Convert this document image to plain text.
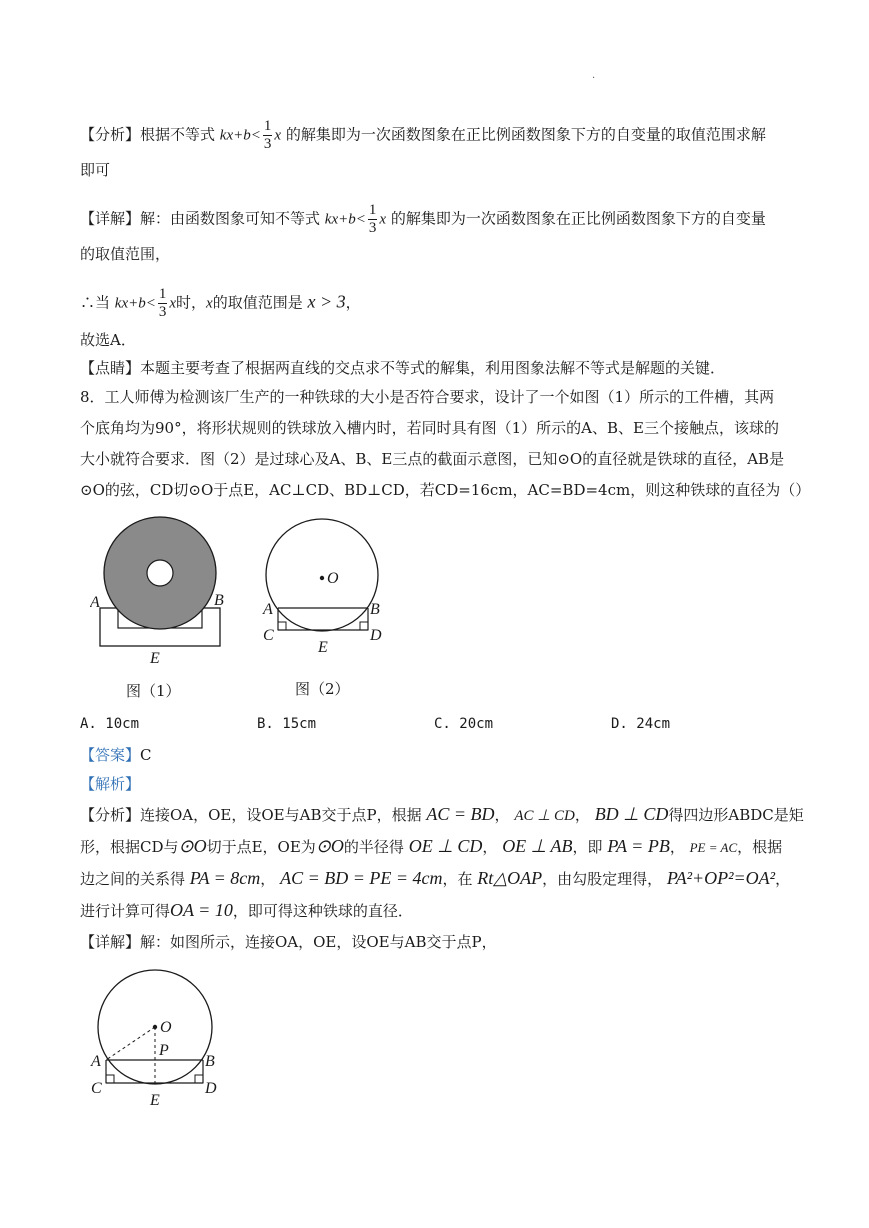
.
【分析】根据不等式 $kx+b< \frac{1}{3}$ x 的解集即为一次函数图象在正比例函数图象下方的自变量的取值范围求解
即可
【详解】解：由函数图象可知不等式 $kx+b< \frac{1}{3}$ x 的解集即为一次函数图象在正比例函数图象下方的自变量
的取值范围，
∴当 $kx+b< \frac{1}{3}$ x时，x的取值范围是 x > 3，
故选A．
【点睛】本题主要考查了根据两直线的交点求不等式的解集，利用图象法解不等式是解题的关键．
8．工人师傅为检测该厂生产的一种铁球的大小是否符合要求，设计了一个如图（1）所示的工件槽，其两
个底角均为90°，将形状规则的铁球放入槽内时，若同时具有图（1）所示的A、B、E三个接触点，该球的
大小就符合要求．图（2）是过球心及A、B、E三点的截面示意图，已知⊙O的直径就是铁球的直径，AB是
⊙O的弦，CD切⊙O于点E，AC⊥CD、BD⊥CD，若CD=16cm，AC=BD=4cm，则这种铁球的直径为（）
A	B
E
图（1）
O
A	B
C	D
E
图（2）
A. 10cm	B. 15cm	C. 20cm	D. 24cm
【答案】C
【解析】
【分析】连接OA，OE，设OE与AB交于点P，根据 AC = BD， AC ⊥ CD， BD ⊥ CD得四边形ABDC是矩
形，根据CD与⊙O切于点E，OE为⊙O的半径得 OE ⊥ CD， OE ⊥ AB，即 PA = PB， PE = AC，根据
边之间的关系得 PA = 8cm， AC = BD = PE = 4cm，在 Rt△OAP，由勾股定理得， PA²+OP²=OA²，
进行计算可得OA = 10，即可得这种铁球的直径．
【详解】解：如图所示，连接OA，OE，设OE与AB交于点P，
O
P
A	B
C	D
E
